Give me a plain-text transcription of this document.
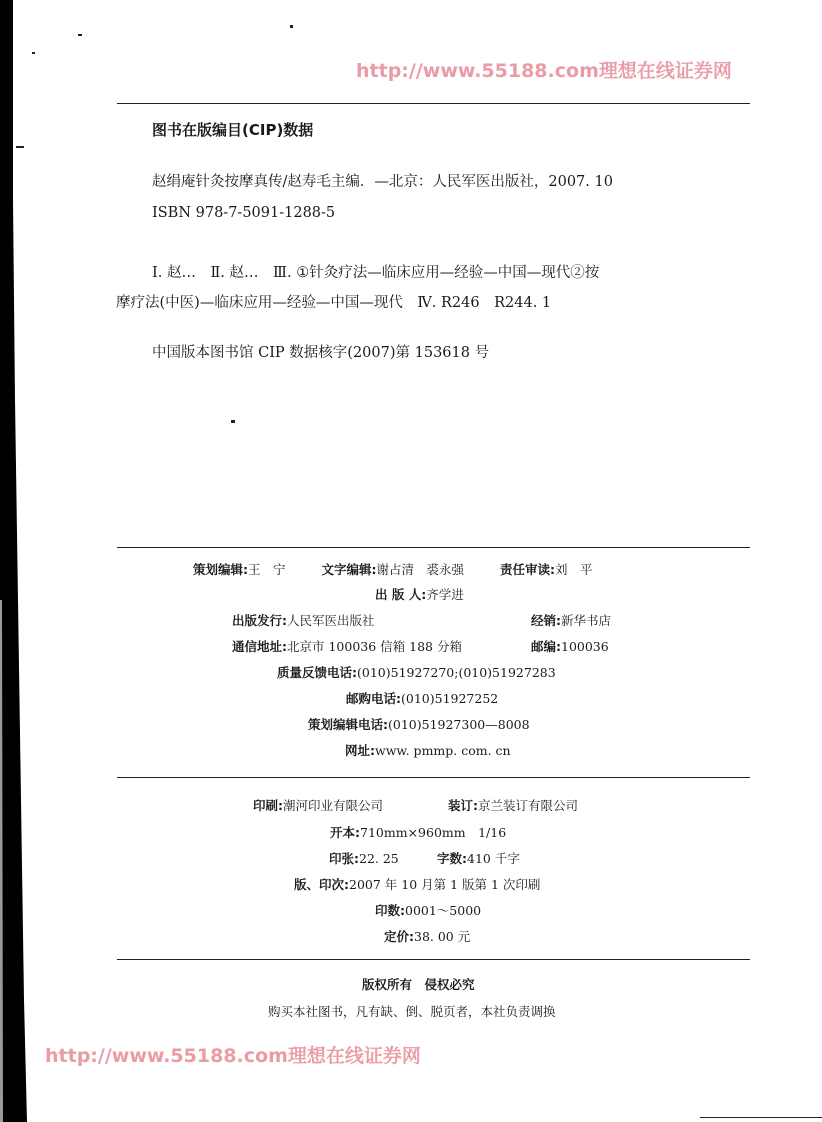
http://www.55188.com理想在线证券网
http://www.55188.com理想在线证券网
图书在版编目(CIP)数据
赵绢庵针灸按摩真传/赵寿毛主编．—北京：人民军医出版社，2007. 10
ISBN 978-7-5091-1288-5
Ⅰ. 赵…　Ⅱ. 赵…　Ⅲ. ①针灸疗法—临床应用—经验—中国—现代②按
摩疗法(中医)—临床应用—经验—中国—现代　Ⅳ. R246　R244. 1
中国版本图书馆 CIP 数据核字(2007)第 153618 号
策划编辑:王　宁	文字编辑:谢占清　裘永强	责任审读:刘　平
出 版 人:齐学进
出版发行:人民军医出版社	经销:新华书店
通信地址:北京市 100036 信箱 188 分箱	邮编:100036
质量反馈电话:(010)51927270;(010)51927283
邮购电话:(010)51927252
策划编辑电话:(010)51927300—8008
网址:www. pmmp. com. cn
印刷:潮河印业有限公司	装订:京兰装订有限公司
开本:710mm×960mm　1/16
印张:22. 25	字数:410 千字
版、印次:2007 年 10 月第 1 版第 1 次印刷
印数:0001～5000
定价:38. 00 元
版权所有　侵权必究
购买本社图书，凡有缺、倒、脱页者，本社负责调换
